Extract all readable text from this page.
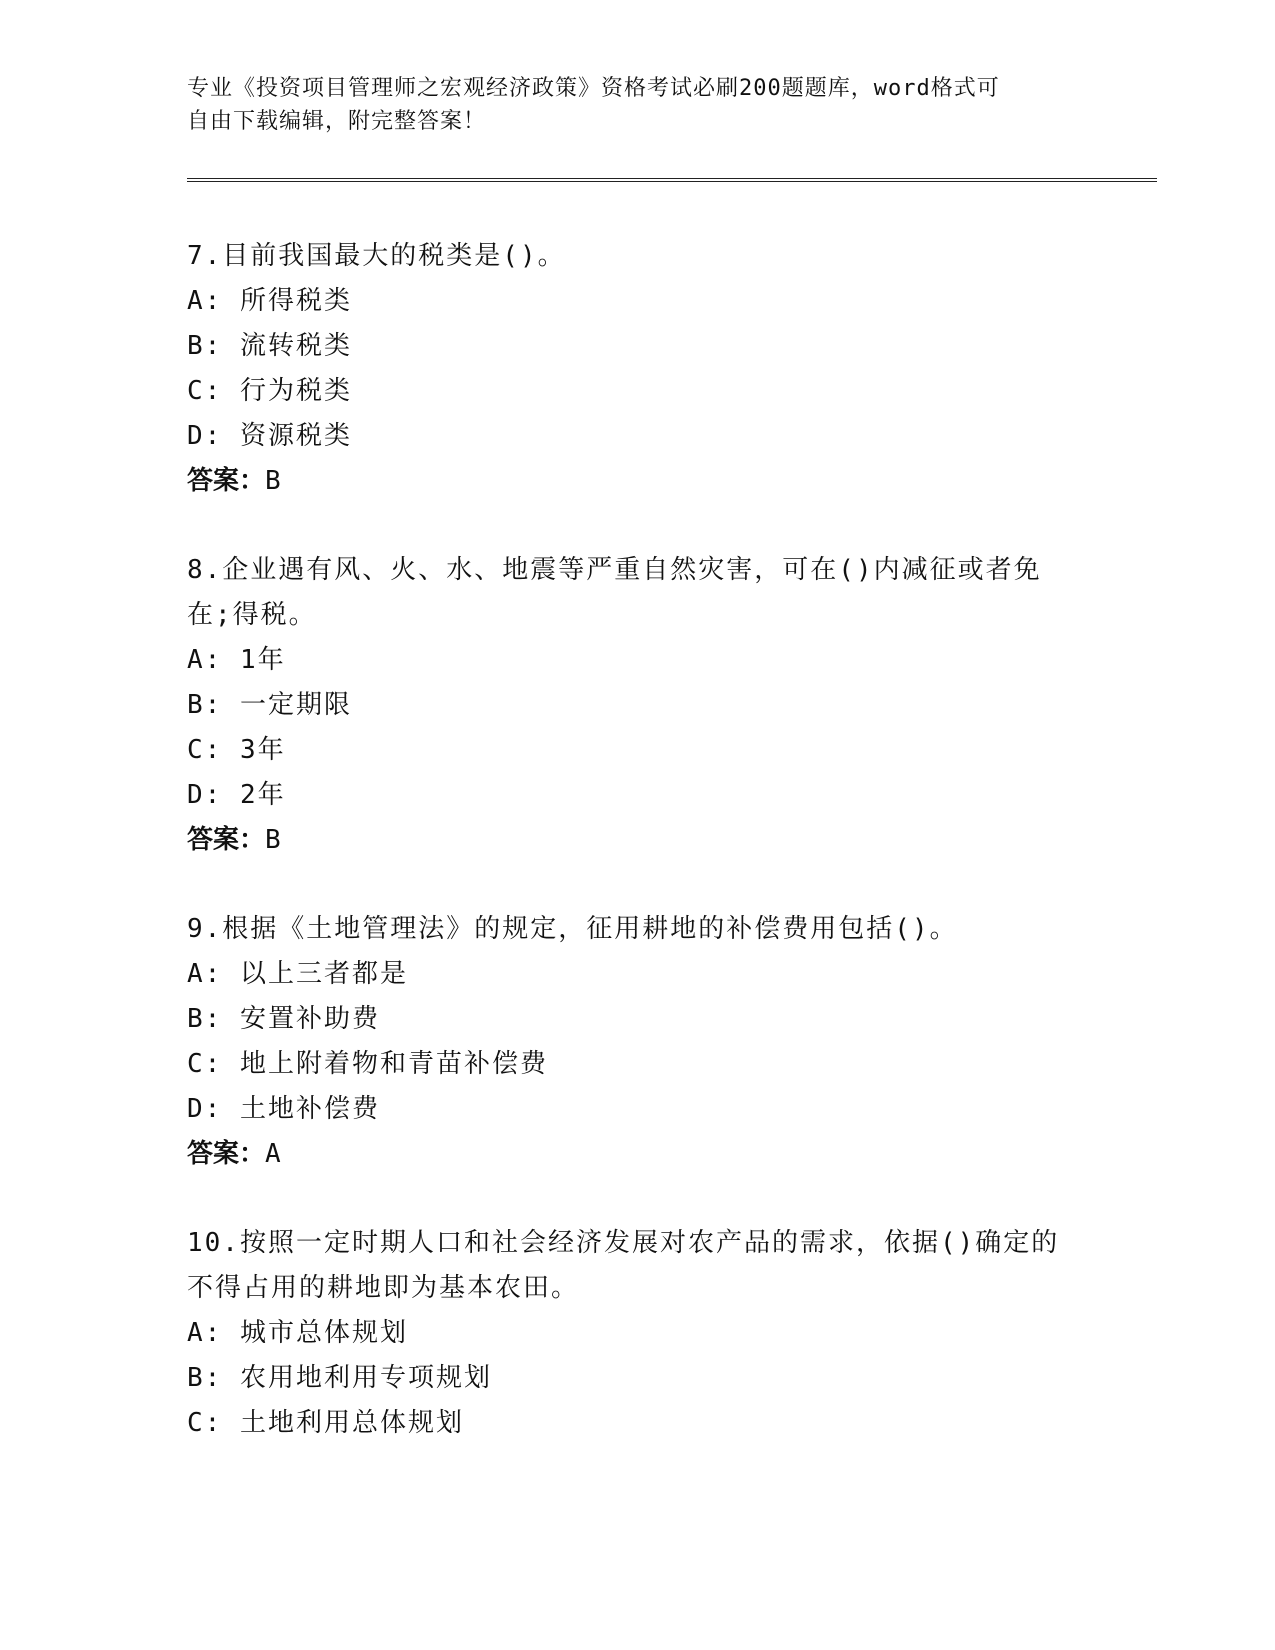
专业《投资项目管理师之宏观经济政策》资格考试必刷200题题库，word格式可
自由下载编辑，附完整答案！
7.目前我国最大的税类是()。
A: 所得税类
B: 流转税类
C: 行为税类
D: 资源税类
答案：B
8.企业遇有风、火、水、地震等严重自然灾害，可在()内减征或者免
在;得税。
A: 1年
B: 一定期限
C: 3年
D: 2年
答案：B
9.根据《土地管理法》的规定，征用耕地的补偿费用包括()。
A: 以上三者都是
B: 安置补助费
C: 地上附着物和青苗补偿费
D: 土地补偿费
答案：A
10.按照一定时期人口和社会经济发展对农产品的需求，依据()确定的
不得占用的耕地即为基本农田。
A: 城市总体规划
B: 农用地利用专项规划
C: 土地利用总体规划
